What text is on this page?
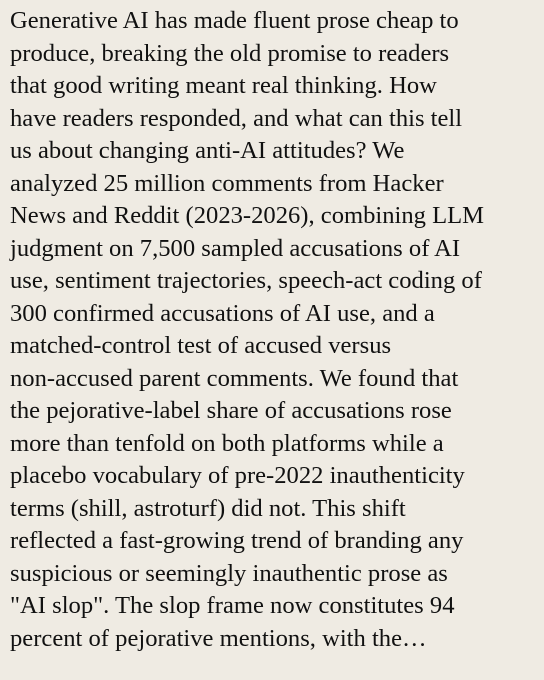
Generative AI has made fluent prose cheap to
produce, breaking the old promise to readers
that good writing meant real thinking. How
have readers responded, and what can this tell
us about changing anti-AI attitudes? We
analyzed 25 million comments from Hacker
News and Reddit (2023-2026), combining LLM
judgment on 7,500 sampled accusations of AI
use, sentiment trajectories, speech-act coding of
300 confirmed accusations of AI use, and a
matched-control test of accused versus
non-accused parent comments. We found that
the pejorative-label share of accusations rose
more than tenfold on both platforms while a
placebo vocabulary of pre-2022 inauthenticity
terms (shill, astroturf) did not. This shift
reflected a fast-growing trend of branding any
suspicious or seemingly inauthentic prose as
"AI slop". The slop frame now constitutes 94
percent of pejorative mentions, with the…
